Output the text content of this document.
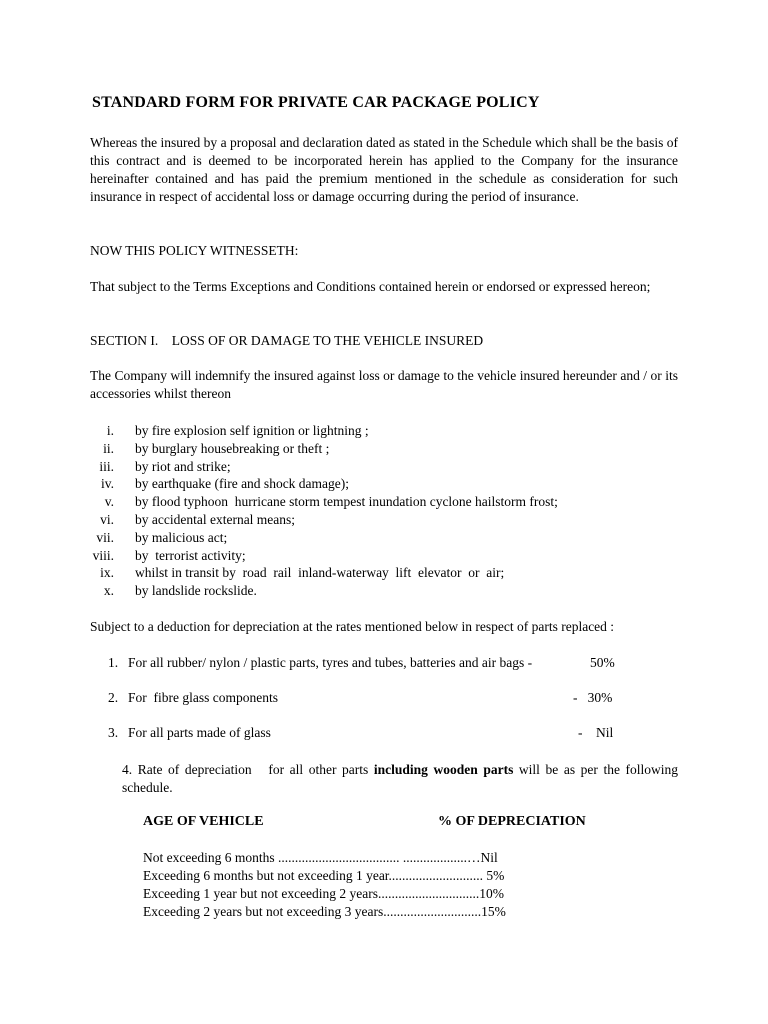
STANDARD FORM FOR PRIVATE CAR PACKAGE POLICY

Whereas the insured by a proposal and declaration dated as stated in the Schedule which shall be the basis of this contract and is deemed to be incorporated herein has applied to the Company for the insurance hereinafter contained and has paid the premium mentioned in the schedule as consideration for such insurance in respect of accidental loss or damage occurring during the period of insurance.

NOW THIS POLICY WITNESSETH:

That subject to the Terms Exceptions and Conditions contained herein or endorsed or expressed hereon;

SECTION I.    LOSS OF OR DAMAGE TO THE VEHICLE INSURED

The Company will indemnify the insured against loss or damage to the vehicle insured hereunder and / or its accessories whilst thereon

i. by fire explosion self ignition or lightning ;
ii. by burglary housebreaking or theft ;
iii. by riot and strike;
iv. by earthquake (fire and shock damage);
v. by flood typhoon  hurricane storm tempest inundation cyclone hailstorm frost;
vi. by accidental external means;
vii. by malicious act;
viii. by  terrorist activity;
ix. whilst in transit by  road  rail  inland-waterway  lift  elevator  or  air;
x. by landslide rockslide.

Subject to a deduction for depreciation at the rates mentioned below in respect of parts replaced :

1. For all rubber/ nylon / plastic parts, tyres and tubes, batteries and air bags -	50%
2. For  fibre glass components	-   30%
3. For all parts made of glass	-    Nil

4. Rate of depreciation   for all other parts including wooden parts will be as per the following schedule.

AGE OF VEHICLE	% OF DEPRECIATION
Not exceeding 6 months .................................... ...................…Nil
Exceeding 6 months but not exceeding 1 year............................ 5%
Exceeding 1 year but not exceeding 2 years..............................10%
Exceeding 2 years but not exceeding 3 years.............................15%
